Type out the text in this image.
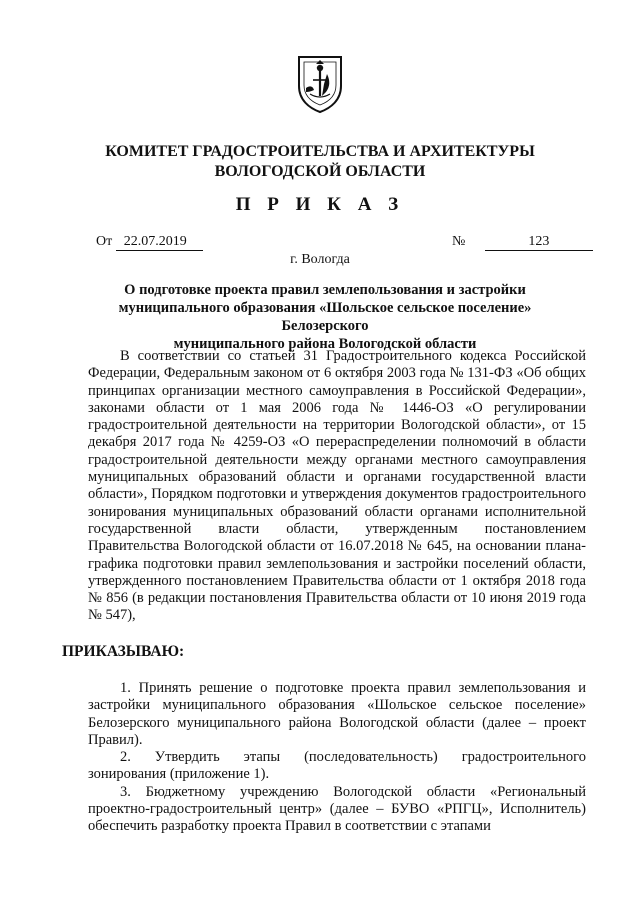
КОМИТЕТ ГРАДОСТРОИТЕЛЬСТВА И АРХИТЕКТУРЫ
ВОЛОГОДСКОЙ ОБЛАСТИ
П Р И К А З
От 22.07.2019	№	123
г. Вологда
О подготовке проекта правил землепользования и застройки
муниципального образования «Шольское сельское поселение» Белозерского
муниципального района Вологодской области

В соответствии со статьей 31 Градостроительного кодекса Российской Федерации, Федеральным законом от 6 октября 2003 года № 131-ФЗ «Об общих принципах организации местного самоуправления в Российской Федерации», законами области от 1 мая 2006 года № 1446-ОЗ «О регулировании градостроительной деятельности на территории Вологодской области», от 15 декабря 2017 года № 4259-ОЗ «О перераспределении полномочий в области градостроительной деятельности между органами местного самоуправления муниципальных образований области и органами государственной власти области», Порядком подготовки и утверждения документов градостроительного зонирования муниципальных образований области органами исполнительной государственной власти области, утвержденным постановлением Правительства Вологодской области от 16.07.2018 № 645, на основании плана-графика подготовки правил землепользования и застройки поселений области, утвержденного постановлением Правительства области от 1 октября 2018 года № 856 (в редакции постановления Правительства области от 10 июня 2019 года № 547),

ПРИКАЗЫВАЮ:

1. Принять решение о подготовке проекта правил землепользования и застройки муниципального образования «Шольское сельское поселение» Белозерского муниципального района Вологодской области (далее – проект Правил).

2. Утвердить этапы (последовательность) градостроительного зонирования (приложение 1).

3. Бюджетному учреждению Вологодской области «Региональный проектно-градостроительный центр» (далее – БУВО «РПГЦ», Исполнитель) обеспечить разработку проекта Правил в соответствии с этапами
